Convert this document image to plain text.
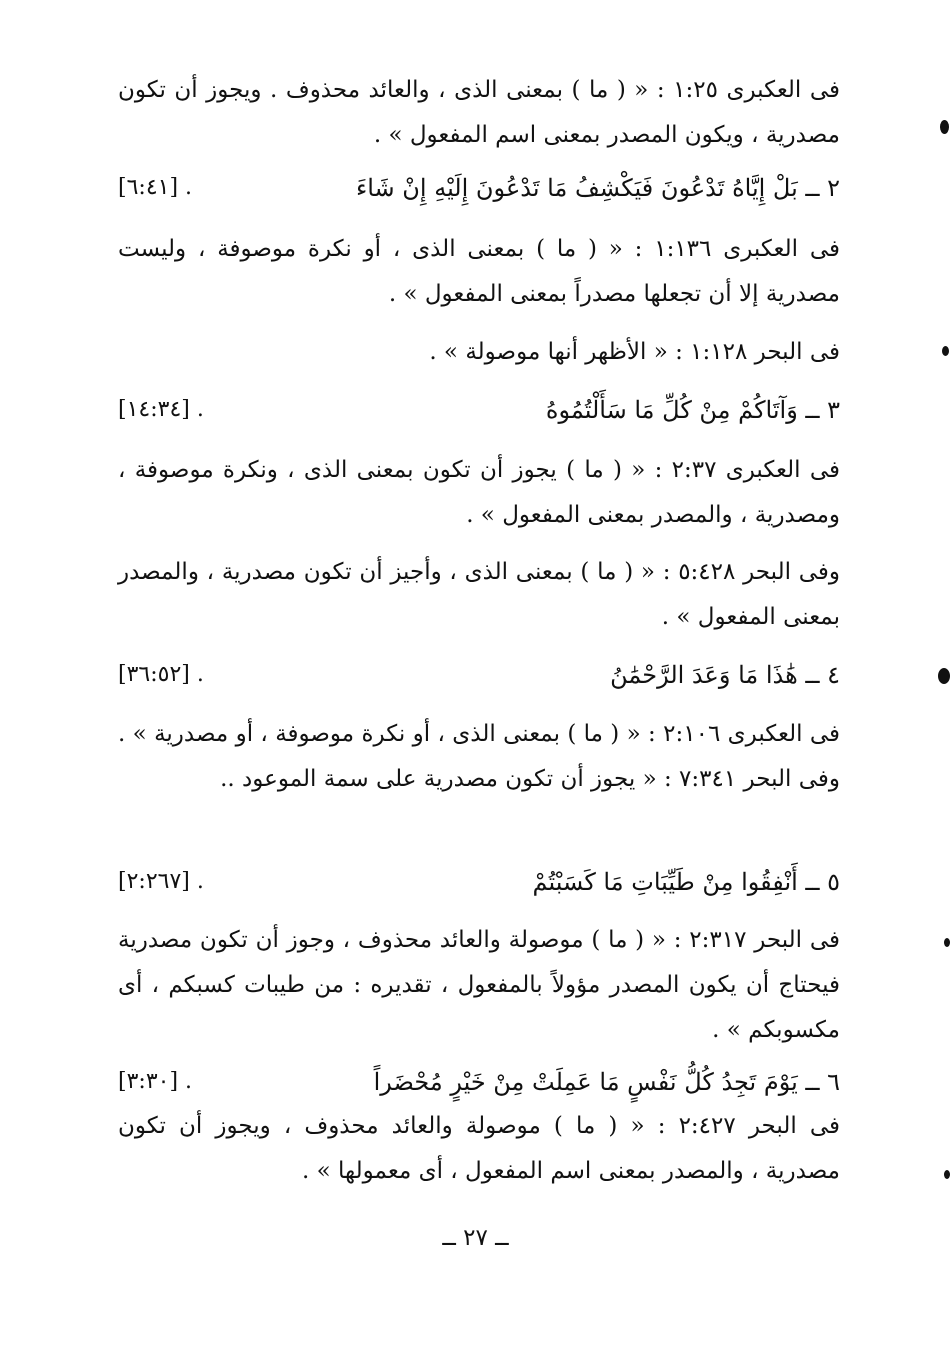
فى العكبرى ١:٢٥ : « ( ما ) بمعنى الذى ، والعائد محذوف . ويجوز أن تكون مصدرية ، ويكون المصدر بمعنى اسم المفعول » .
٢ ــ بَلْ إِيَّاهُ تَدْعُونَ فَيَكْشِفُ مَا تَدْعُونَ إِلَيْهِ إِنْ شَاءَ
[٦:٤١] .
فى العكبرى ١:١٣٦ : « ( ما ) بمعنى الذى ، أو نكرة موصوفة ، وليست مصدرية إلا أن تجعلها مصدراً بمعنى المفعول » .
فى البحر ١:١٢٨ : « الأظهر أنها موصولة » .
٣ ــ وَآتَاكُمْ مِنْ كُلِّ مَا سَأَلْتُمُوهُ
[١٤:٣٤] .
فى العكبرى ٢:٣٧ : « ( ما ) يجوز أن تكون بمعنى الذى ، ونكرة موصوفة ، ومصدرية ، والمصدر بمعنى المفعول » .
وفى البحر ٥:٤٢٨ : « ( ما ) بمعنى الذى ، وأجيز أن تكون مصدرية ، والمصدر بمعنى المفعول » .
٤ ــ هَٰذَا مَا وَعَدَ الرَّحْمَٰنُ
[٣٦:٥٢] .
فى العكبرى ٢:١٠٦ : « ( ما ) بمعنى الذى ، أو نكرة موصوفة ، أو مصدرية » . وفى البحر ٧:٣٤١ : « يجوز أن تكون مصدرية على سمة الموعود ..
٥ ــ أَنْفِقُوا مِنْ طَيِّبَاتِ مَا كَسَبْتُمْ
[٢:٢٦٧] .
فى البحر ٢:٣١٧ : « ( ما ) موصولة والعائد محذوف ، وجوز أن تكون مصدرية فيحتاج أن يكون المصدر مؤولاً بالمفعول ، تقديره : من طيبات كسبكم ، أى مكسوبكم » .
٦ ــ يَوْمَ تَجِدُ كُلُّ نَفْسٍ مَا عَمِلَتْ مِنْ خَيْرٍ مُحْضَراً
[٣:٣٠] .
فى البحر ٢:٤٢٧ : « ( ما ) موصولة والعائد محذوف ، ويجوز أن تكون مصدرية ، والمصدر بمعنى اسم المفعول ، أى معمولها » .
ــ ٢٧ ــ
